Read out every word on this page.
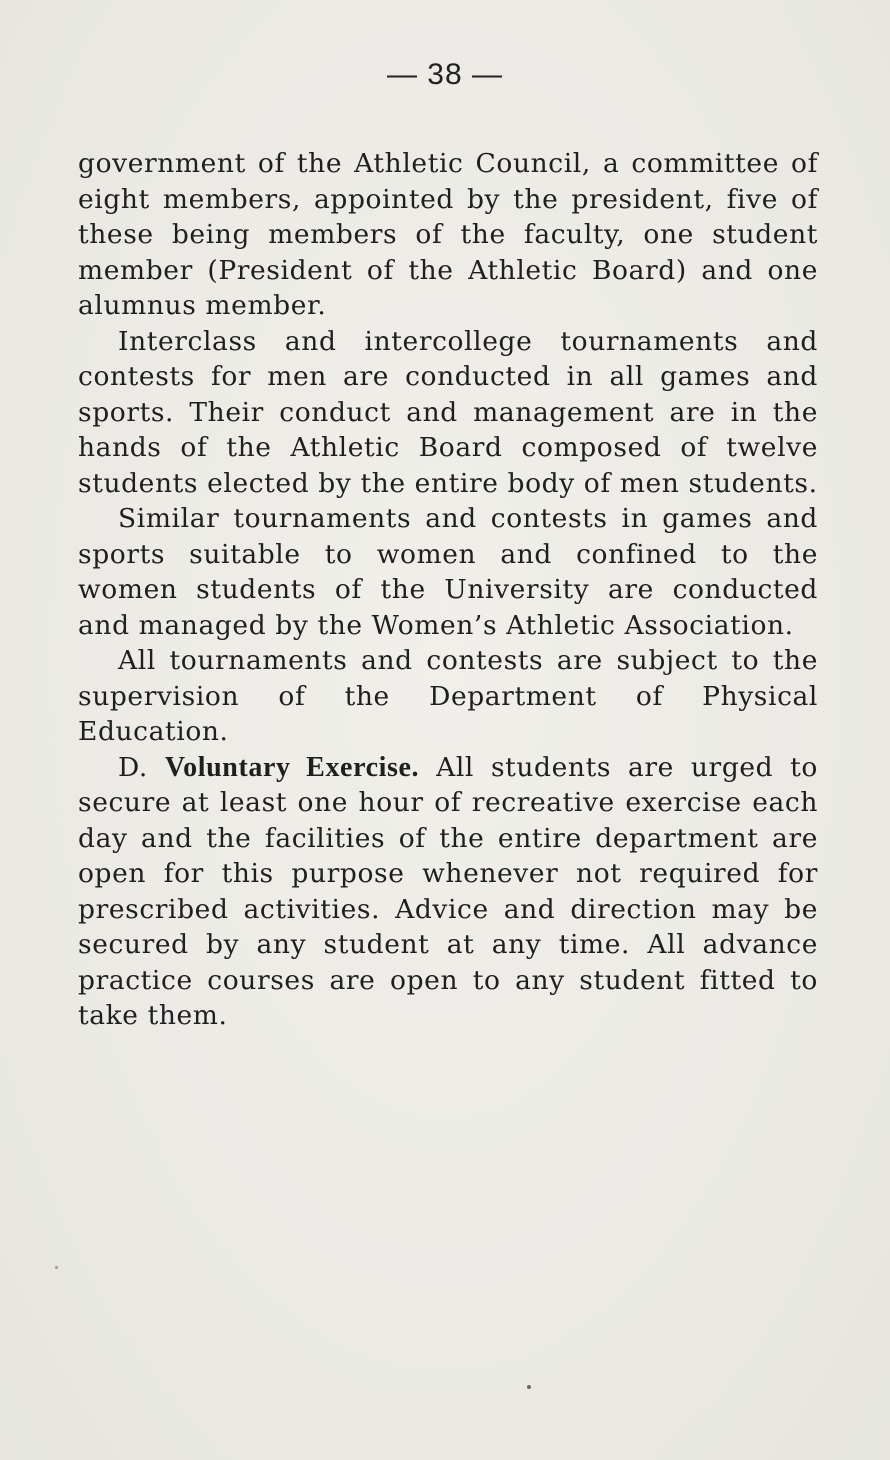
— 38 —

government of the Athletic Council, a committee of eight members, appointed by the president, five of these being members of the faculty, one student member (President of the Athletic Board) and one alumnus member.

Interclass and intercollege tournaments and contests for men are conducted in all games and sports. Their conduct and management are in the hands of the Athletic Board composed of twelve students elected by the entire body of men students.

Similar tournaments and contests in games and sports suitable to women and confined to the women students of the University are conducted and managed by the Women’s Athletic Association.

All tournaments and contests are subject to the supervision of the Department of Physical Education.

D. Voluntary Exercise. All students are urged to secure at least one hour of recreative exercise each day and the facilities of the entire department are open for this purpose whenever not required for prescribed activities. Advice and direction may be secured by any student at any time. All advance practice courses are open to any student fitted to take them.
